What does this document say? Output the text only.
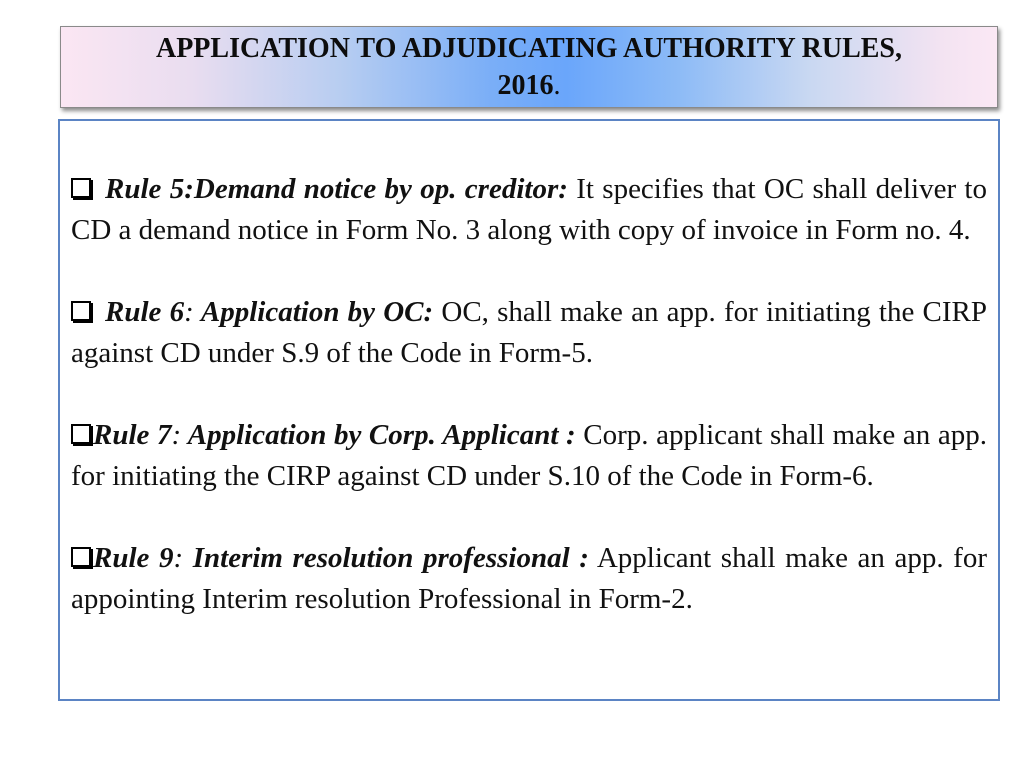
APPLICATION TO ADJUDICATING AUTHORITY RULES,
2016.

Rule 5:Demand notice by op. creditor: It specifies that OC shall deliver to CD a demand notice in Form No. 3 along with copy of invoice in Form no. 4.

Rule 6: Application by OC: OC, shall make an app. for initiating the CIRP against CD under S.9 of the Code in Form-5.

Rule 7: Application by Corp. Applicant : Corp. applicant shall make an app. for initiating the CIRP against CD under S.10 of the Code in Form-6.

Rule 9: Interim resolution professional : Applicant shall make an app. for appointing Interim resolution Professional in Form-2.
